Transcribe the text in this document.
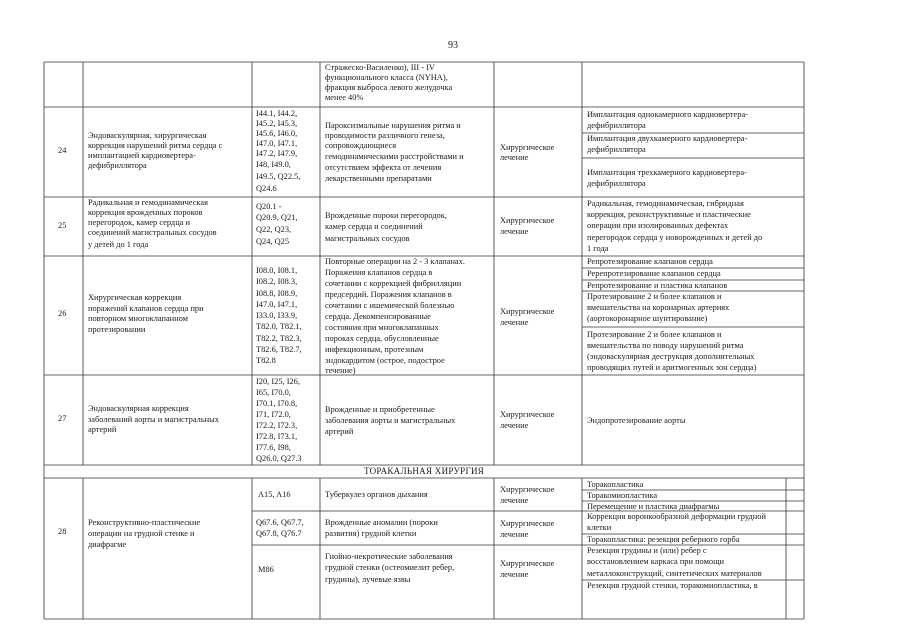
93
Стражеско-Василенко), III - IV
функционального класса (NYHA),
фракция выброса левого желудочка
менее 40%
24
Эндоваскулярная, хирургическая
коррекция нарушений ритма сердца с
имплантацией кардиовертера-
дефибриллятора
I44.1, I44.2,
I45.2, I45.3,
I45.6, I46.0,
I47.0, I47.1,
I47.2, I47.9,
I48, I49.0,
I49.5, Q22.5,
Q24.6
Пароксизмальные нарушения ритма и
проводимости различного генеза,
сопровождающиеся
гемодинамическими расстройствами и
отсутствием эффекта от лечения
лекарственными препаратами
Хирургическое
лечение
Имплантация однокамерного кардиовертера-
дефибриллятора
Имплантация двухкамерного кардиовертера-
дефибриллятора
Имплантация трехкамерного кардиовертера-
дефибриллятора
25
Радикальная и гемодинамическая
коррекция врожденных пороков
перегородок, камер сердца и
соединений магистральных сосудов
у детей до 1 года
Q20.1 -
Q20.9, Q21,
Q22, Q23,
Q24, Q25
Врожденные пороки перегородок,
камер сердца и соединений
магистральных сосудов
Хирургическое
лечение
Радикальная, гемодинамическая, гибридная
коррекция, реконструктивные и пластические
операции при изолированных дефектах
перегородок сердца у новорожденных и детей до
1 года
26
Хирургическая коррекция
поражений клапанов сердца при
повторном многоклапанном
протезировании
I08.0, I08.1,
I08.2, I08.3,
I08.8, I08.9,
I47.0, I47.1,
I33.0, I33.9,
T82.0, T82.1,
T82.2, T82.3,
T82.6, T82.7,
T82.8
Повторные операции на 2 - 3 клапанах.
Поражения клапанов сердца в
сочетании с коррекцией фибрилляции
предсердий. Поражения клапанов в
сочетании с ишемической болезнью
сердца. Декомпенсированные
состояния при многоклапанных
пороках сердца, обусловленные
инфекционным, протезным
эндокардитом (острое, подострое
течение)
Хирургическое
лечение
Репротезирование клапанов сердца
Ререпротезирование клапанов сердца
Репротезирование и пластика клапанов
Протезирование 2 и более клапанов и
вмешательства на коронарных артериях
(аортокоронарное шунтирование)
Протезирование 2 и более клапанов и
вмешательства по поводу нарушений ритма
(эндоваскулярная деструкция дополнительных
проводящих путей и аритмогенных зон сердца)
27
Эндоваскулярная коррекция
заболеваний аорты и магистральных
артерий
I20, I25, I26,
I65, I70.0,
I70.1, I70.8,
I71, I72.0,
I72.2, I72.3,
I72.8, I73.1,
I77.6, I98,
Q26.0, Q27.3
Врожденные и приобретенные
заболевания аорты и магистральных
артерий
Хирургическое
лечение
Эндопротезирование аорты
ТОРАКАЛЬНАЯ ХИРУРГИЯ
28
Реконструктивно-пластические
операции на грудной стенке и
диафрагме
A15, A16	Туберкулез органов дыхания
Хирургическое
лечение
Торакопластика
Торакомиопластика
Перемещение и пластика диафрагмы
Q67.6, Q67.7,
Q67.8, Q76.7
Врожденные аномалии (пороки
развития) грудной клетки
Хирургическое
лечение
Коррекция воронкообразной деформации грудной
клетки
Торакопластика: резекция реберного горба
M86
Гнойно-некротические заболевания
грудной стенки (остеомиелит ребер,
грудины), лучевые язвы
Хирургическое
лечение
Резекция грудины и (или) ребер с
восстановлением каркаса при помощи
металлоконструкций, синтетических материалов
Резекция грудной стенки, торакомиопластика, в
